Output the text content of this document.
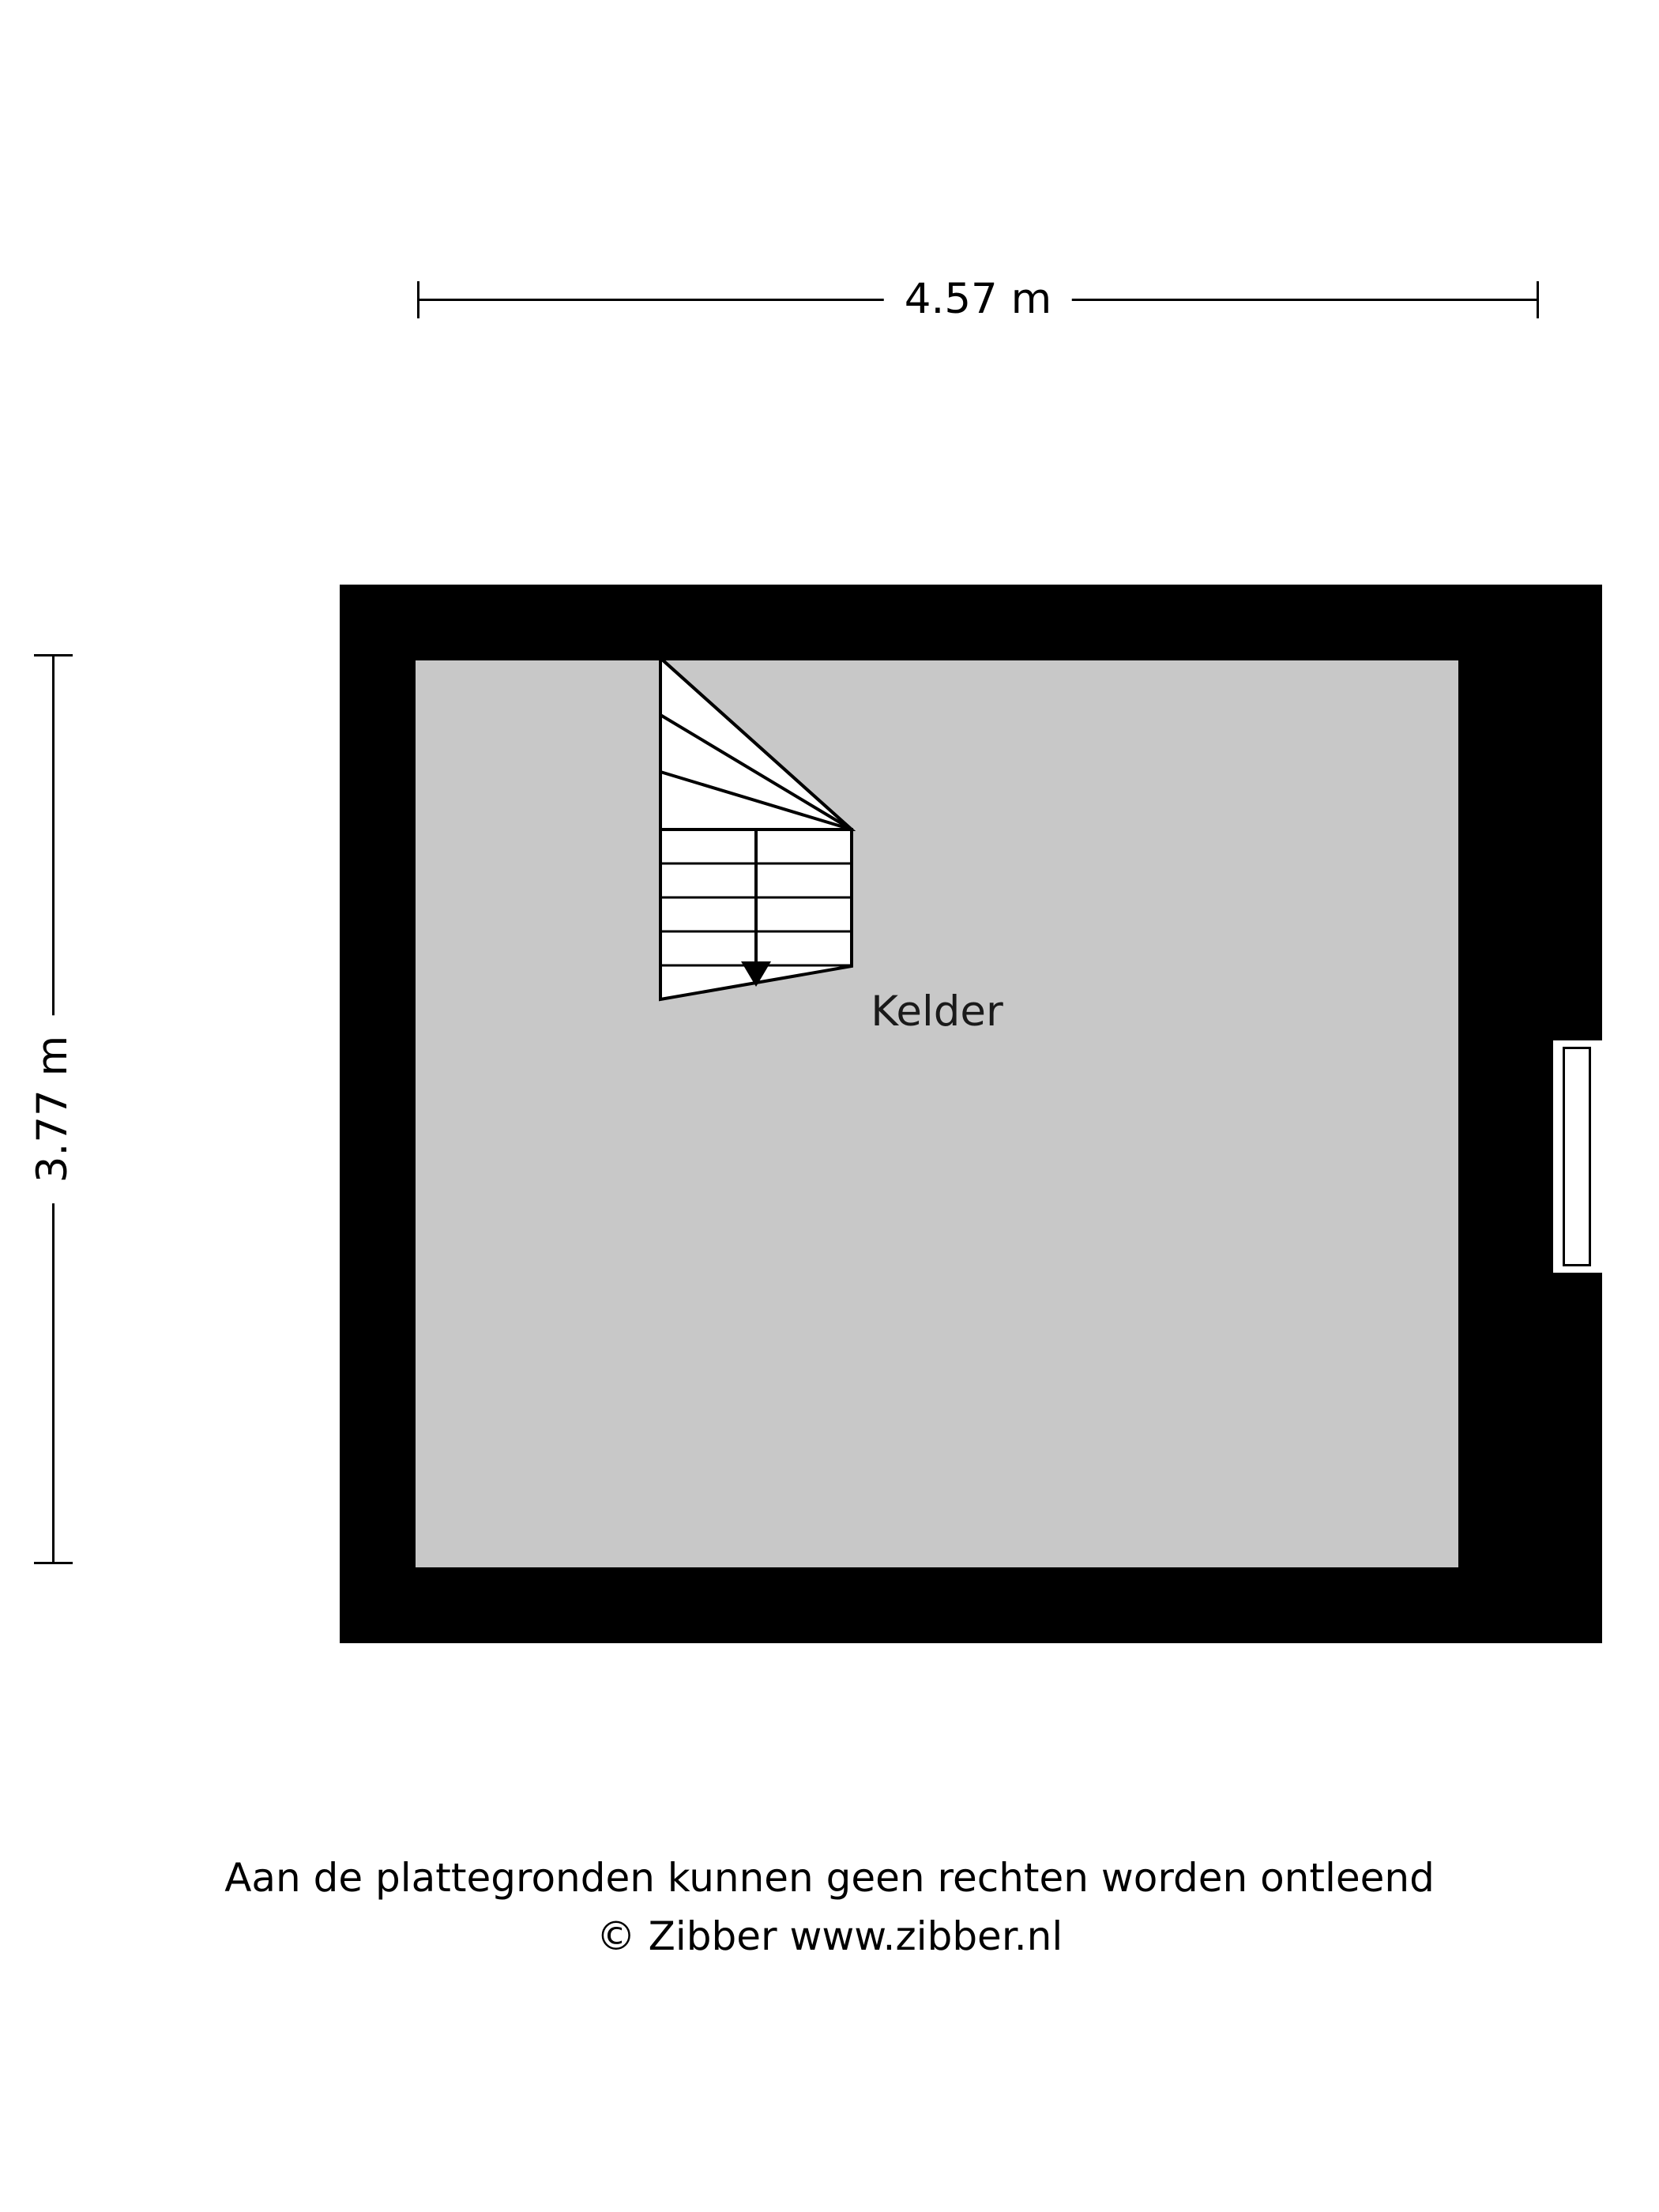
4.57 m
3.77 m
Kelder
Aan de plattegronden kunnen geen rechten worden ontleend
© Zibber www.zibber.nl
